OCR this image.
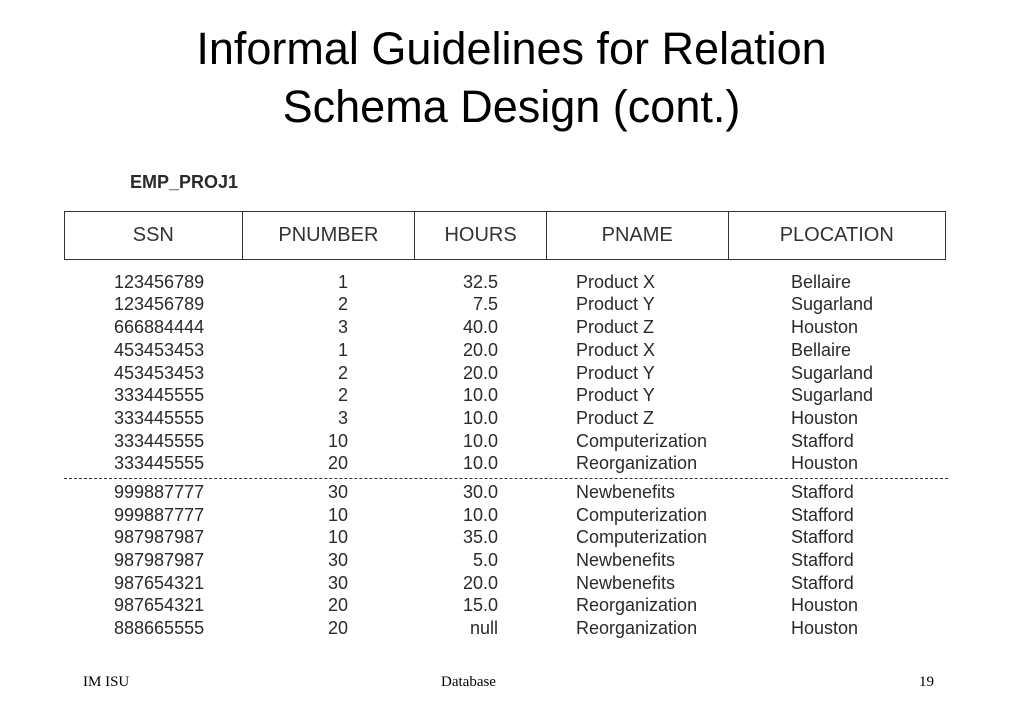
Informal Guidelines for Relation
Schema Design (cont.)
EMP_PROJ1
SSN	PNUMBER	HOURS	PNAME	PLOCATION
123456789	1	32.5	Product X	Bellaire
123456789	2	7.5	Product Y	Sugarland
666884444	3	40.0	Product Z	Houston
453453453	1	20.0	Product X	Bellaire
453453453	2	20.0	Product Y	Sugarland
333445555	2	10.0	Product Y	Sugarland
333445555	3	10.0	Product Z	Houston
333445555	10	10.0	Computerization	Stafford
333445555	20	10.0	Reorganization	Houston
999887777	30	30.0	Newbenefits	Stafford
999887777	10	10.0	Computerization	Stafford
987987987	10	35.0	Computerization	Stafford
987987987	30	5.0	Newbenefits	Stafford
987654321	30	20.0	Newbenefits	Stafford
987654321	20	15.0	Reorganization	Houston
888665555	20	null	Reorganization	Houston
IM ISU	Database	19
